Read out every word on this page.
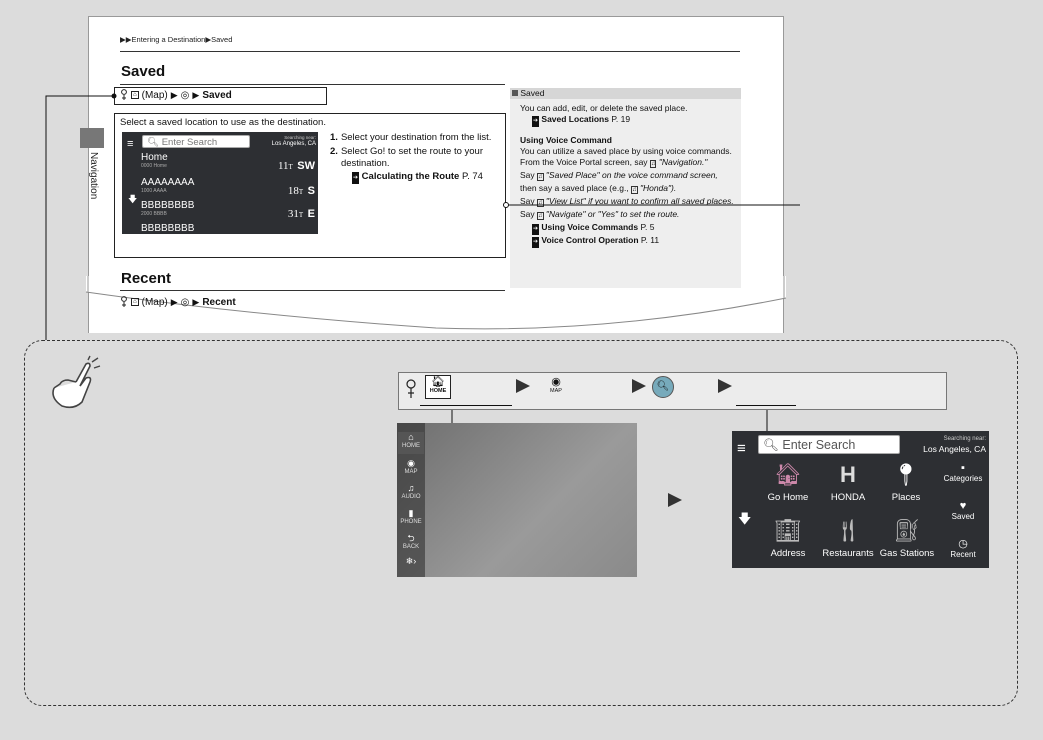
▶▶Entering a Destination▶Saved
Saved
⌂ (Map) ▶ ◎ ▶ Saved
Navigation
Select a saved location to use as the destination.
≡	🔍︎ Enter Search	Searching near:
Los Angeles, CA
🡇
Home
0000 Home	11T SW
AAAAAAAA
1000 AAAA	18T S
BBBBBBBB
2000 BBBB	31T E
BBBBBBBB
1346T E
1. Select your destination from the list.
2. Select Go! to set the route to your destination.
➔ Calculating the Route P. 74
Recent
⌂ (Map) ▶ ◎ ▶ Recent
Saved
You can add, edit, or delete the saved place.
➔ Saved Locations P. 19
Using Voice Command
You can utilize a saved place by using voice commands.
From the Voice Portal screen, say ♫ "Navigation."
Say ♫ "Saved Place" on the voice command screen,
then say a saved place (e.g., ♫ "Honda").
Say ♫ "View List" if you want to confirm all saved places.
Say ♫ "Navigate" or "Yes" to set the route.
➔ Using Voice Commands P. 5
➔ Voice Control Operation P. 11
🏠︎
HOME
◉
MAP	🔍︎
⌂
HOME
◉
MAP
♫
AUDIO
▮
PHONE
⮌
BACK
❄›
≡	🔍︎ Enter Search	Searching near:
Los Angeles, CA
🡇
🏠︎
Go Home
H
HONDA
📍︎
Places
🏢︎
Address
🍴︎
Restaurants
⛽︎
Gas Stations
▪
Categories
♥
Saved
◷
Recent
